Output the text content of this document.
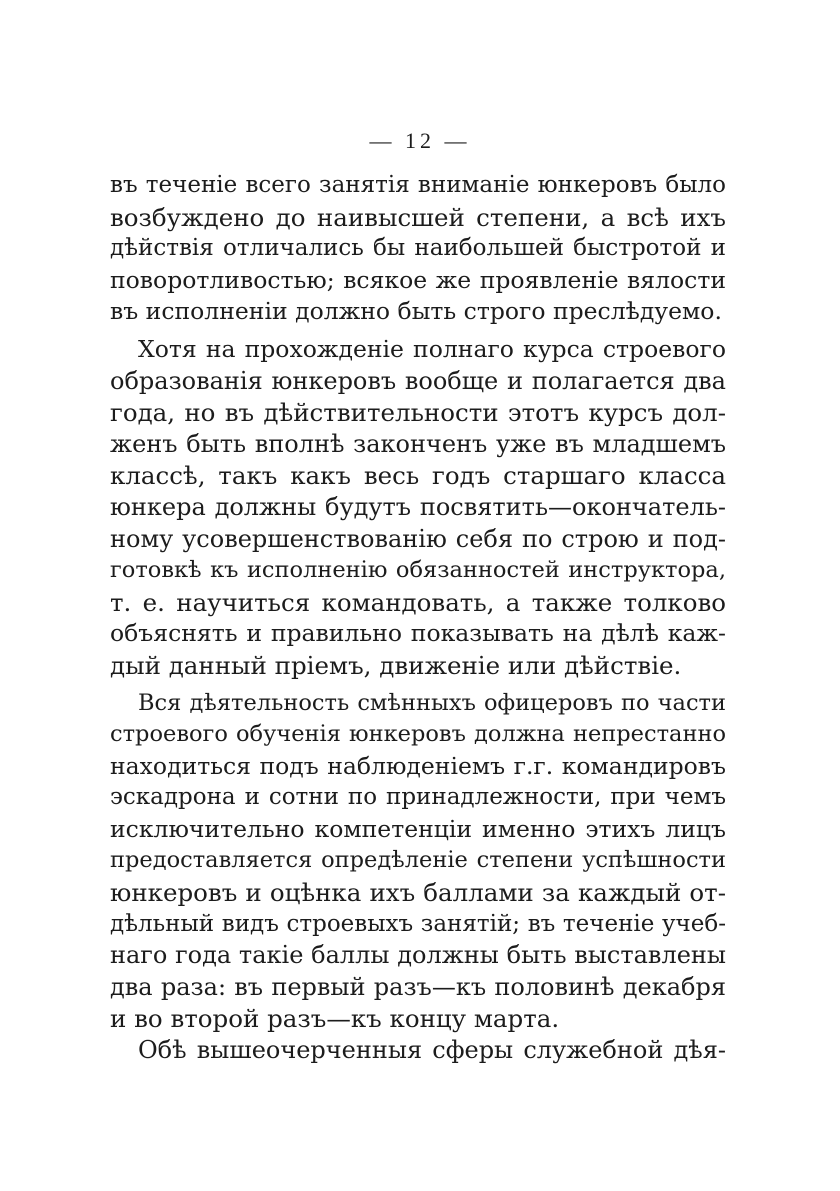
— 12 —
въ теченіе всего занятія вниманіе юнкеровъ было
возбуждено до наивысшей степени, а всѣ ихъ
дѣйствія отличались бы наибольшей быстротой и
поворотливостью; всякое же проявленіе вялости
въ исполненіи должно быть строго преслѣдуемо.
Хотя на прохожденіе полнаго курса строевого
образованія юнкеровъ вообще и полагается два
года, но въ дѣйствительности этотъ курсъ дол-
женъ быть вполнѣ законченъ уже въ младшемъ
классѣ, такъ какъ весь годъ старшаго класса
юнкера должны будутъ посвятить—окончатель-
ному усовершенствованію себя по строю и под-
готовкѣ къ исполненію обязанностей инструктора,
т. е. научиться командовать, а также толково
объяснять и правильно показывать на дѣлѣ каж-
дый данный пріемъ, движеніе или дѣйствіе.
Вся дѣятельность смѣнныхъ офицеровъ по части
строевого обученія юнкеровъ должна непрестанно
находиться подъ наблюденіемъ г.г. командировъ
эскадрона и сотни по принадлежности, при чемъ
исключительно компетенціи именно этихъ лицъ
предоставляется опредѣленіе степени успѣшности
юнкеровъ и оцѣнка ихъ баллами за каждый от-
дѣльный видъ строевыхъ занятій; въ теченіе учеб-
наго года такіе баллы должны быть выставлены
два раза: въ первый разъ—къ половинѣ декабря
и во второй разъ—къ концу марта.
Обѣ вышеочерченныя сферы служебной дѣя-
